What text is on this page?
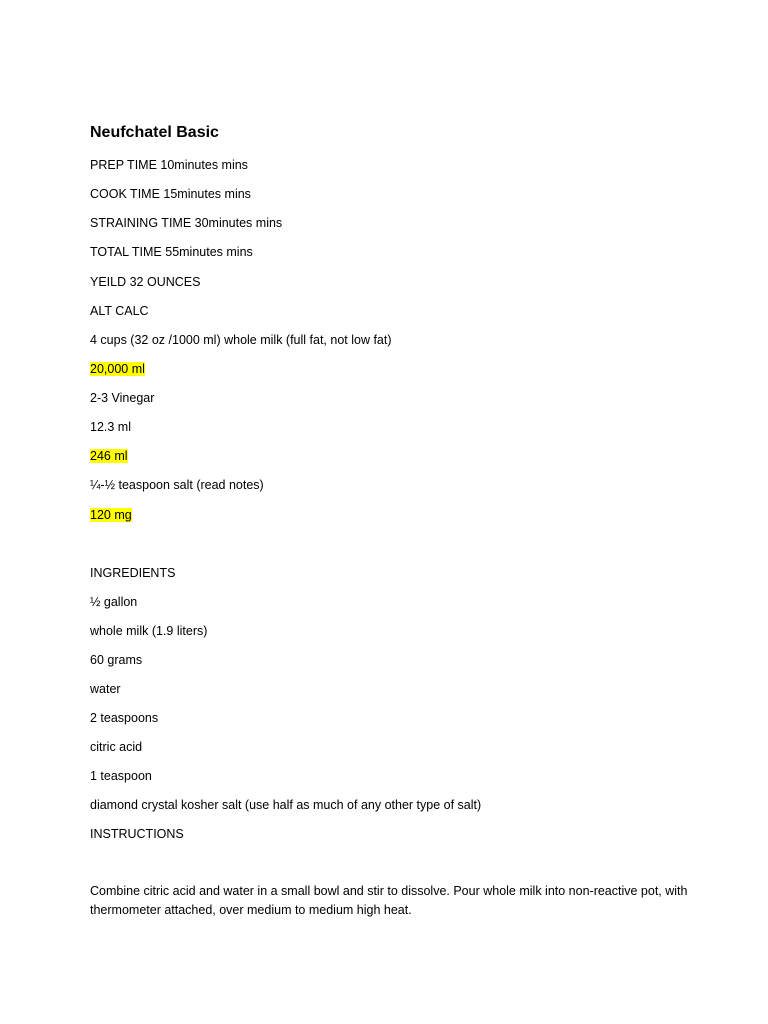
Neufchatel Basic
PREP TIME 10minutes mins
COOK TIME 15minutes mins
STRAINING TIME 30minutes mins
TOTAL TIME 55minutes mins
YEILD 32 OUNCES
ALT CALC
4 cups (32 oz /1000 ml) whole milk (full fat, not low fat)
20,000 ml
2-3 Vinegar
12.3 ml
246 ml
¼-½ teaspoon salt (read notes)
120 mg
INGREDIENTS
½ gallon
whole milk (1.9 liters)
60 grams
water
2 teaspoons
citric acid
1 teaspoon
diamond crystal kosher salt (use half as much of any other type of salt)
INSTRUCTIONS
Combine citric acid and water in a small bowl and stir to dissolve. Pour whole milk into non-reactive pot, with thermometer attached, over medium to medium high heat.
